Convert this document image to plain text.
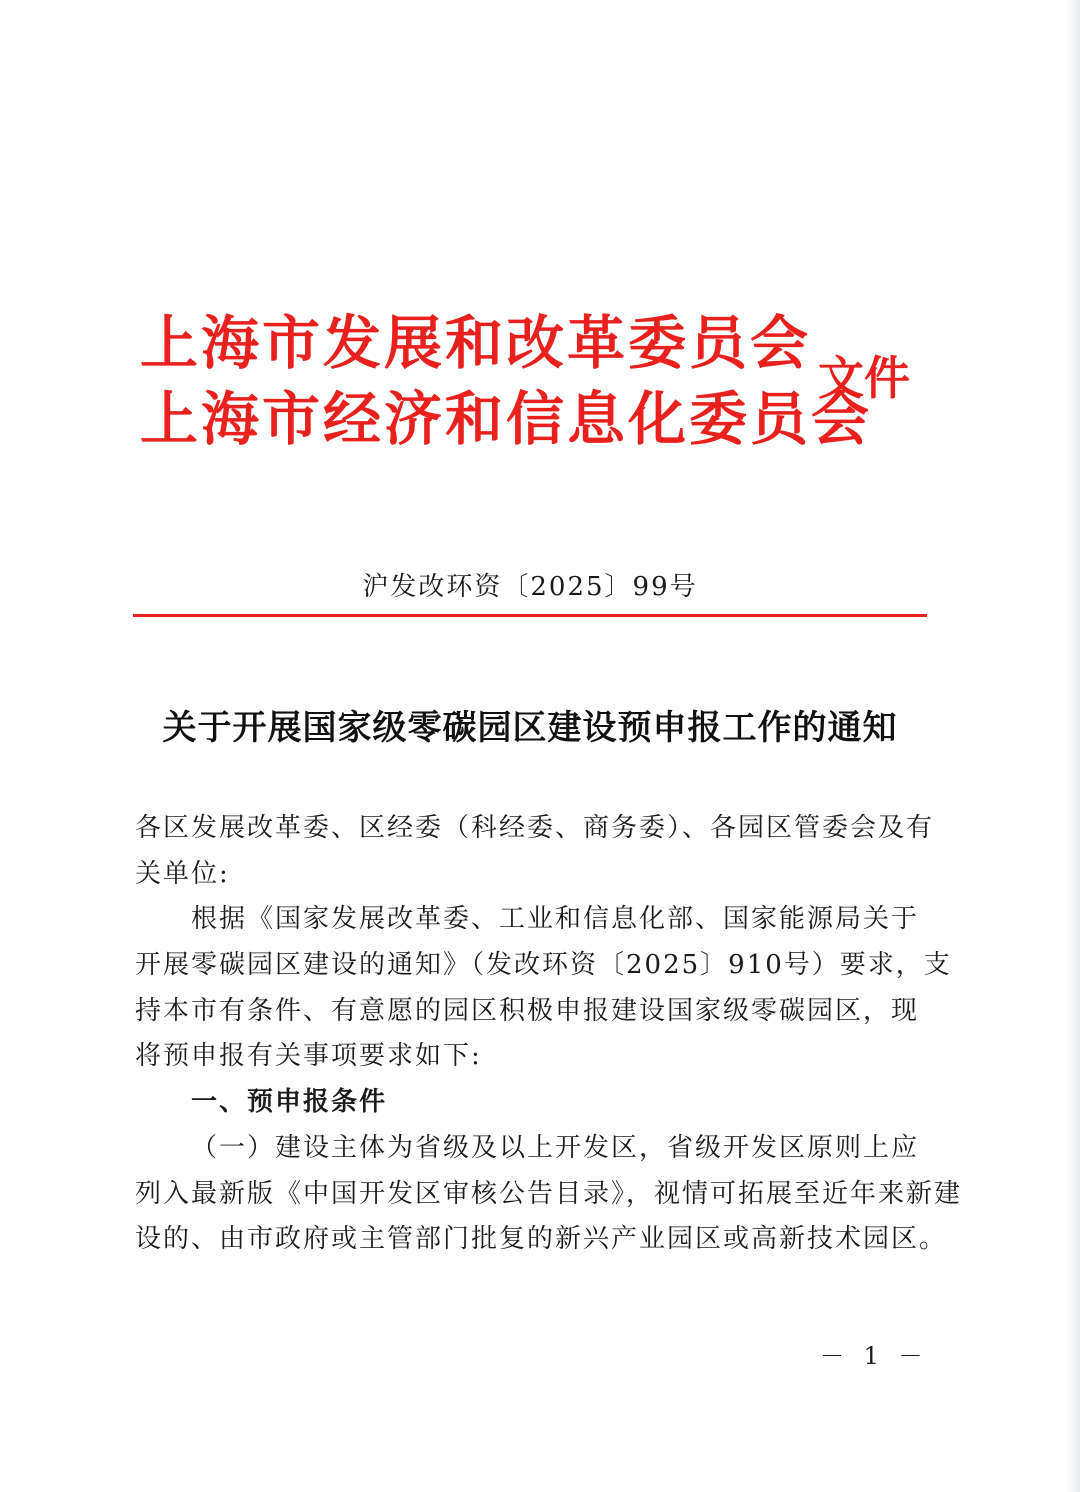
上海市发展和改革委员会
上海市经济和信息化委员会
文件
沪发改环资〔2025〕99号
关于开展国家级零碳园区建设预申报工作的通知
各区发展改革委、区经委（科经委、商务委）、各园区管委会及有
关单位:
根据《国家发展改革委、工业和信息化部、国家能源局关于
开展零碳园区建设的通知》（发改环资〔2025〕910号）要求，支
持本市有条件、有意愿的园区积极申报建设国家级零碳园区，现
将预申报有关事项要求如下:
一、预申报条件
（一）建设主体为省级及以上开发区，省级开发区原则上应
列入最新版《中国开发区审核公告目录》，视情可拓展至近年来新建
设的、由市政府或主管部门批复的新兴产业园区或高新技术园区。
－ 1 －
